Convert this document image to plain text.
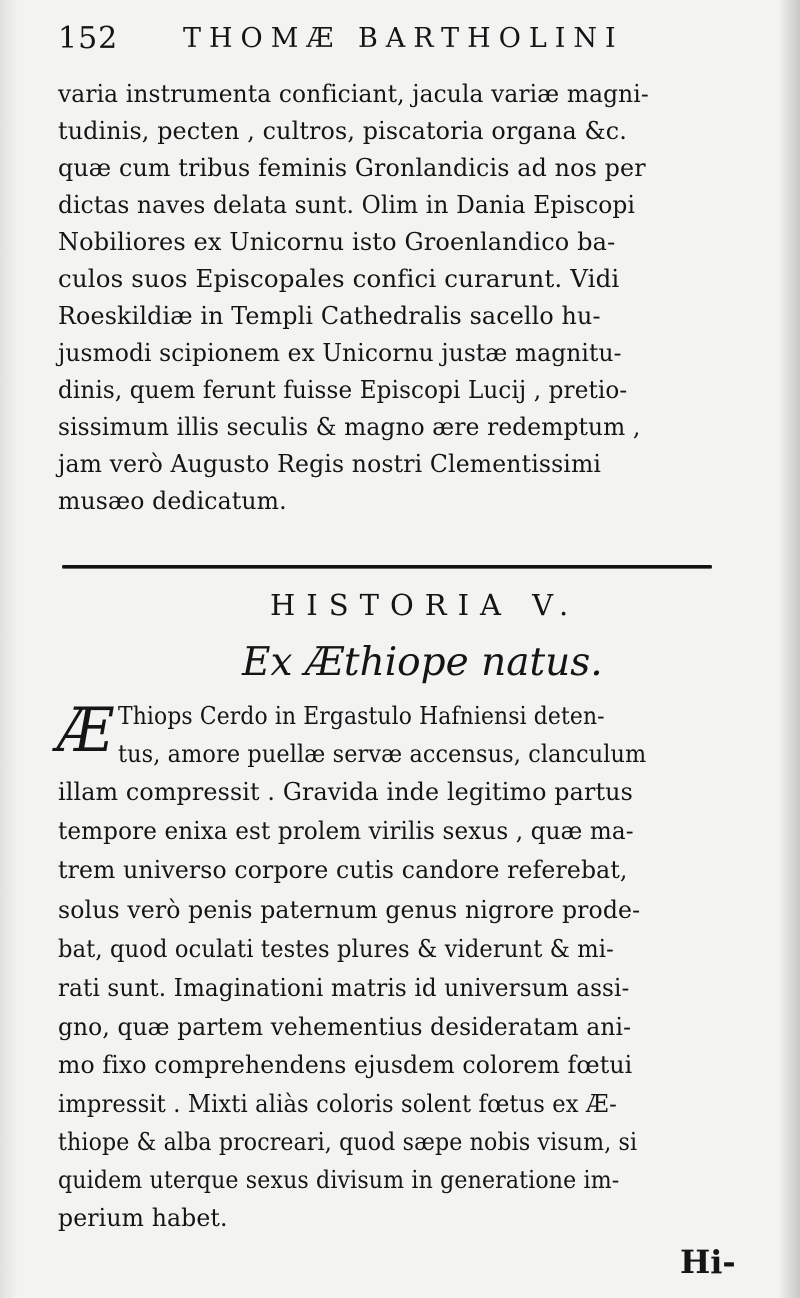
152 THOMÆ BARTHOLINI
varia instrumenta conficiant, jacula variæ magni-
tudinis, pecten , cultros, piscatoria organa &c.
quæ cum tribus feminis Gronlandicis ad nos per
dictas naves delata sunt. Olim in Dania Episcopi
Nobiliores ex Unicornu isto Groenlandico ba-
culos suos Episcopales confici curarunt. Vidi
Roeskildiæ in Templi Cathedralis sacello hu-
jusmodi scipionem ex Unicornu justæ magnitu-
dinis, quem ferunt fuisse Episcopi Lucij , pretio-
sissimum illis seculis & magno ære redemptum ,
jam verò Augusto Regis nostri Clementissimi
musæo dedicatum.
HISTORIA V.
Ex Æthiope natus.
Æ Thiops Cerdo in Ergastulo Hafniensi deten-
tus, amore puellæ servæ accensus, clanculum
illam compressit . Gravida inde legitimo partus
tempore enixa est prolem virilis sexus , quæ ma-
trem universo corpore cutis candore referebat,
solus verò penis paternum genus nigrore prode-
bat, quod oculati testes plures & viderunt & mi-
rati sunt. Imaginationi matris id universum assi-
gno, quæ partem vehementius desideratam ani-
mo fixo comprehendens ejusdem colorem fœtui
impressit . Mixti aliàs coloris solent fœtus ex Æ-
thiope & alba procreari, quod sæpe nobis visum, si
quidem uterque sexus divisum in generatione im-
perium habet.
Hi-
